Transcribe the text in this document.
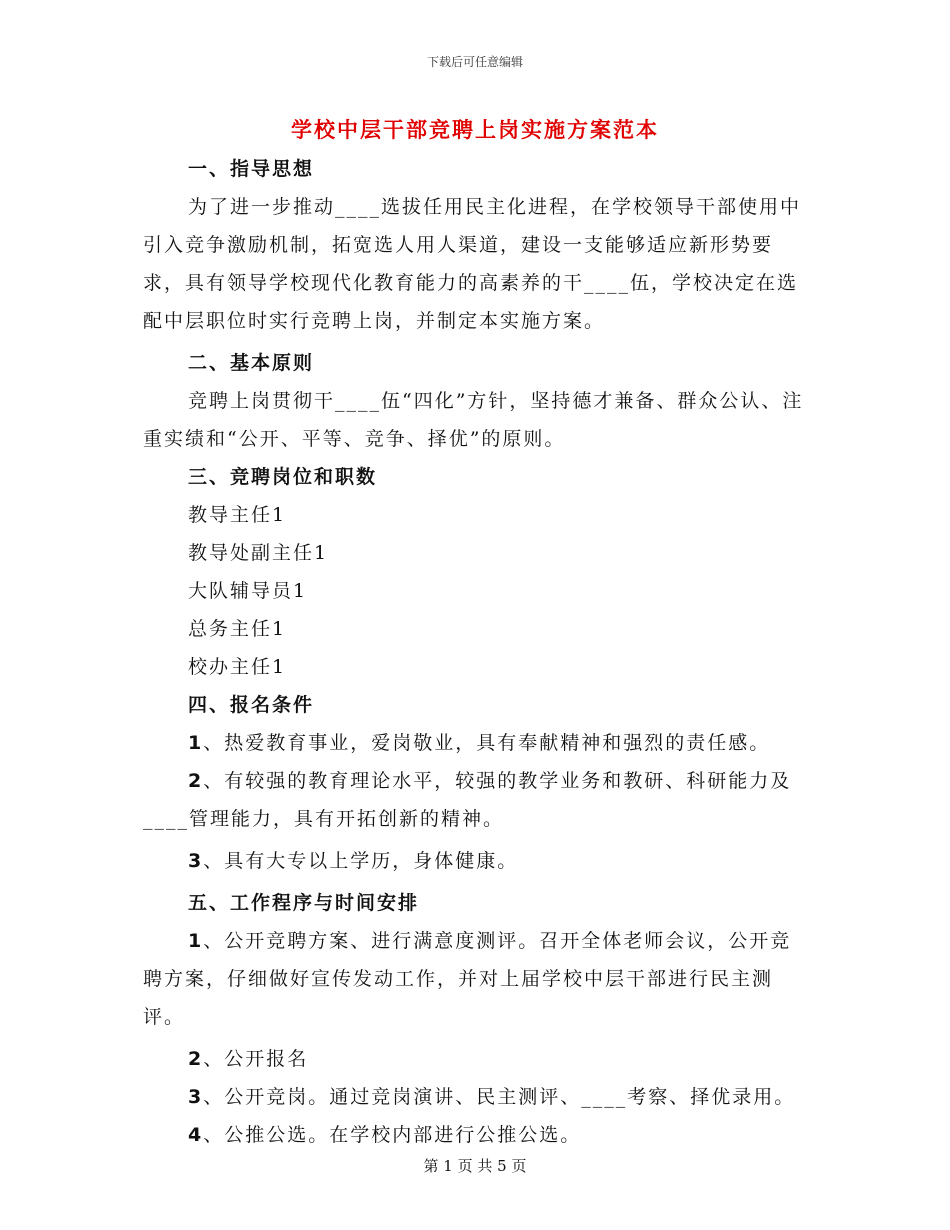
下载后可任意编辑
学校中层干部竞聘上岗实施方案范本

一、指导思想

为了进一步推动____选拔任用民主化进程，在学校领导干部使用中引入竞争激励机制，拓宽选人用人渠道，建设一支能够适应新形势要求，具有领导学校现代化教育能力的高素养的干____伍，学校决定在选配中层职位时实行竞聘上岗，并制定本实施方案。

二、基本原则

竞聘上岗贯彻干____伍“四化”方针，坚持德才兼备、群众公认、注重实绩和“公开、平等、竞争、择优”的原则。

三、竞聘岗位和职数

教导主任1

教导处副主任1

大队辅导员1

总务主任1

校办主任1

四、报名条件

1、热爱教育事业，爱岗敬业，具有奉献精神和强烈的责任感。

2、有较强的教育理论水平，较强的教学业务和教研、科研能力及____管理能力，具有开拓创新的精神。

3、具有大专以上学历，身体健康。

五、工作程序与时间安排

1、公开竞聘方案、进行满意度测评。召开全体老师会议，公开竞聘方案，仔细做好宣传发动工作，并对上届学校中层干部进行民主测评。

2、公开报名

3、公开竞岗。通过竞岗演讲、民主测评、____考察、择优录用。

4、公推公选。在学校内部进行公推公选。

第 1 页 共 5 页
